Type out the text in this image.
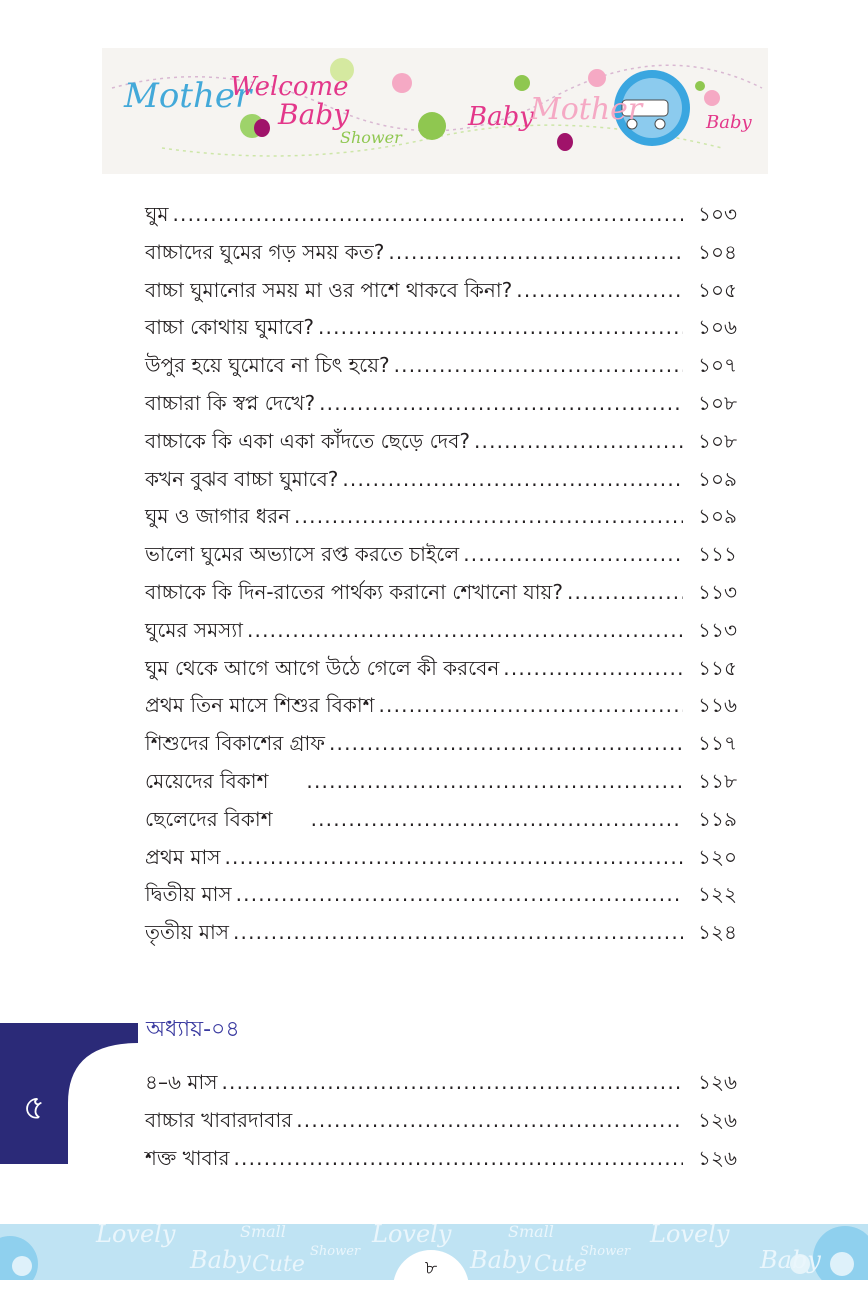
Mother
Welcome
Baby
Shower
Baby
Mother	Baby
ঘুম .....	১০৩
বাচ্চাদের ঘুমের গড় সময় কত? .....	১০৪
বাচ্চা ঘুমানোর সময় মা ওর পাশে থাকবে কিনা? .....	১০৫
বাচ্চা কোথায় ঘুমাবে? .....	১০৬
উপুর হয়ে ঘুমোবে না চিৎ হয়ে? .....	১০৭
বাচ্চারা কি স্বপ্ন দেখে? .....	১০৮
বাচ্চাকে কি একা একা কাঁদতে ছেড়ে দেব? .....	১০৮
কখন বুঝব বাচ্চা ঘুমাবে? .....	১০৯
ঘুম ও জাগার ধরন .....	১০৯
ভালো ঘুমের অভ্যাসে রপ্ত করতে চাইলে .....	১১১
বাচ্চাকে কি দিন-রাতের পার্থক্য করানো শেখানো যায়? .....	১১৩
ঘুমের সমস্যা .....	১১৩
ঘুম থেকে আগে আগে উঠে গেলে কী করবেন .....	১১৫
প্রথম তিন মাসে শিশুর বিকাশ .....	১১৬
শিশুদের বিকাশের গ্রাফ .....	১১৭
মেয়েদের বিকাশ .....	১১৮
ছেলেদের বিকাশ .....	১১৯
প্রথম মাস .....	১২০
দ্বিতীয় মাস .....	১২২
তৃতীয় মাস .....	১২৪
৫
অধ্যায়-০৪
৪–৬ মাস .....	১২৬
বাচ্চার খাবারদাবার .....	১২৬
শক্ত খাবার .....	১২৬
Lovely	Small	Lovely	Small	Lovely
Baby Cute
Shower	Baby Cute
Shower	Baby
৮
